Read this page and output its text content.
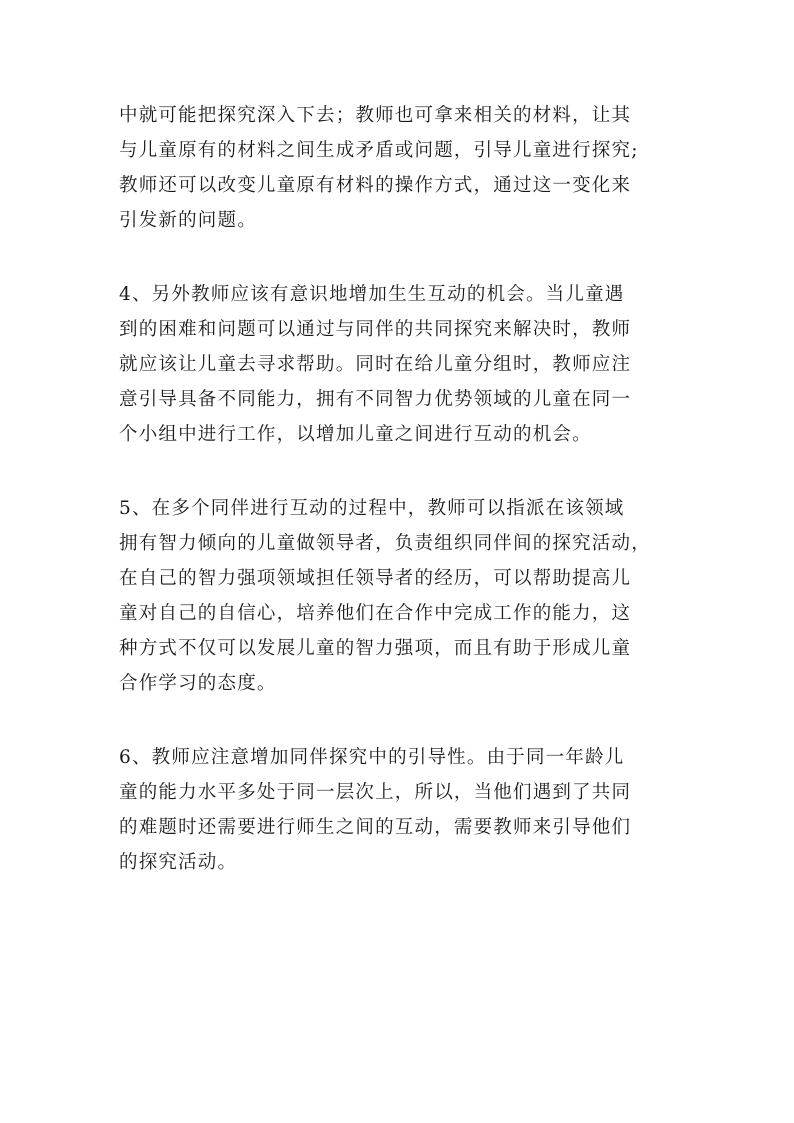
中就可能把探究深入下去；教师也可拿来相关的材料，让其
与儿童原有的材料之间生成矛盾或问题，引导儿童进行探究;
教师还可以改变儿童原有材料的操作方式，通过这一变化来
引发新的问题。
4、另外教师应该有意识地增加生生互动的机会。当儿童遇
到的困难和问题可以通过与同伴的共同探究来解决时，教师
就应该让儿童去寻求帮助。同时在给儿童分组时，教师应注
意引导具备不同能力，拥有不同智力优势领域的儿童在同一
个小组中进行工作，以增加儿童之间进行互动的机会。
5、在多个同伴进行互动的过程中，教师可以指派在该领域
拥有智力倾向的儿童做领导者，负责组织同伴间的探究活动，
在自己的智力强项领域担任领导者的经历，可以帮助提高儿
童对自己的自信心，培养他们在合作中完成工作的能力，这
种方式不仅可以发展儿童的智力强项，而且有助于形成儿童
合作学习的态度。
6、教师应注意增加同伴探究中的引导性。由于同一年龄儿
童的能力水平多处于同一层次上，所以，当他们遇到了共同
的难题时还需要进行师生之间的互动，需要教师来引导他们
的探究活动。
